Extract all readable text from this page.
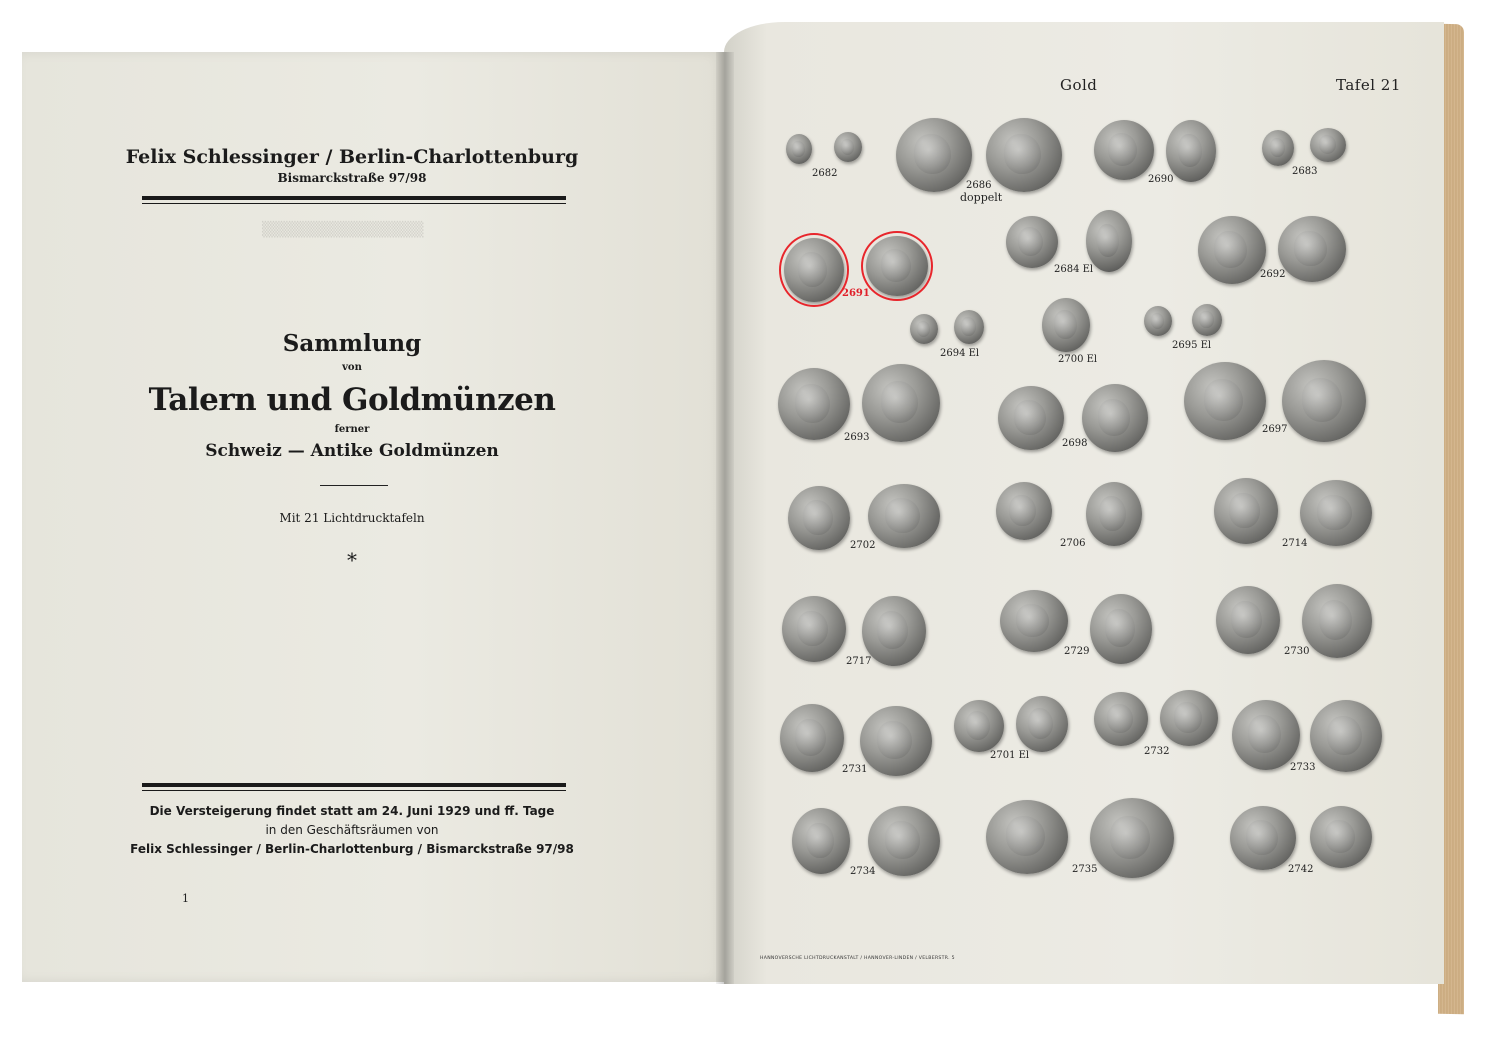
Felix Schlessinger / Berlin-Charlottenburg
Bismarckstraße 97/98
▒▒▒▒▒▒▒▒▒▒▒▒▒▒▒
Sammlung
von
Talern und Goldmünzen
ferner
Schweiz — Antike Goldmünzen
Mit 21 Lichtdrucktafeln
*
Die Versteigerung findet statt am 24. Juni 1929 und ff. Tage
in den Geschäftsräumen von
Felix Schlessinger / Berlin-Charlottenburg / Bismarckstraße 97/98
1
Gold	Tafel 21
2682
2686
doppelt
2690
2683
2684 El	2692
2691
2694 El
2700 El
2695 El
2693
2698
2697
2702	2706	2714
2717
2729	2730
2731
2701 El	2732
2733
2734	2735	2742
HANNOVERSCHE LICHTDRUCKANSTALT / HANNOVER-LINDEN / VELBERSTR. 5
